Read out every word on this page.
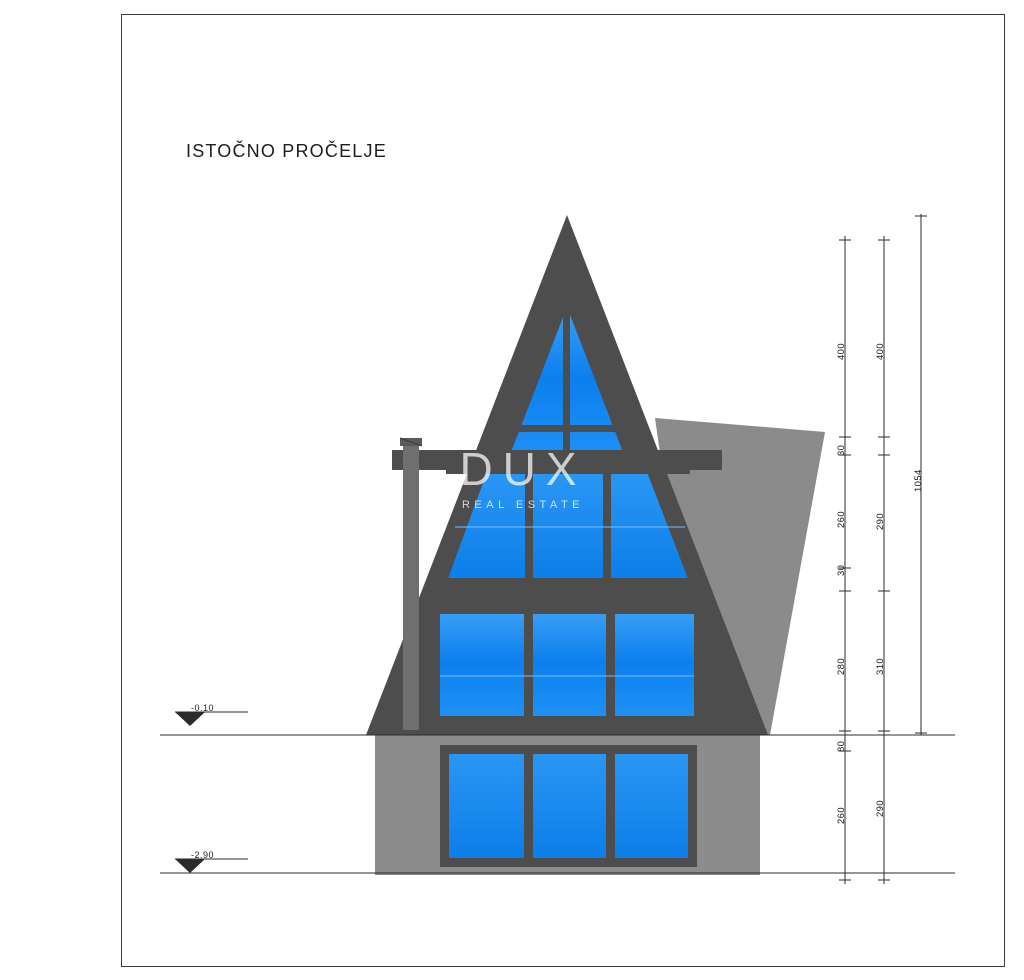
ISTOČNO PROČELJE
DUX
REAL ESTATE
-0.10
-2.90
400
30
260
30
280
80
260
400
290
310
290
1054
